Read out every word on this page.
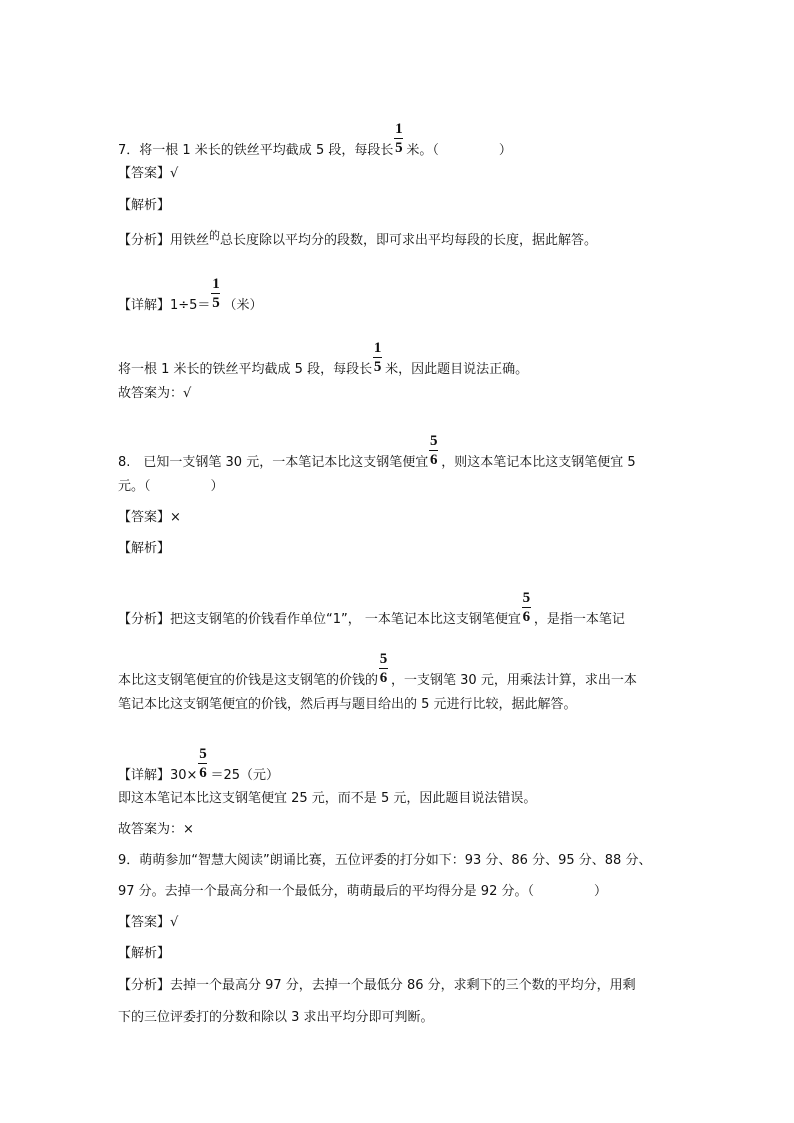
7．将一根 1 米长的铁丝平均截成 5 段，每段长 $\frac{1}{5}$ 米。（	）
【答案】√
【解析】
【分析】用铁丝$^的$总长度除以平均分的段数，即可求出平均每段的长度，据此解答。
【详解】$1\div 5= \frac{1}{5}$ （米）
将一根 1 米长的铁丝平均截成 5 段，每段长 $\frac{1}{5}$ 米，因此题目说法正确。
故答案为：√
8.　已知一支钢笔 30 元，一本笔记本比这支钢笔便宜 $\frac{5}{6}$ ，则这本笔记本比这支钢笔便宜 5
元。（	）
【答案】×
【解析】
【分析】把这支钢笔的价钱看作单位“1”， 一本笔记本比这支钢笔便宜 $\frac{5}{6}$ ，是指一本笔记
本比这支钢笔便宜的价钱是这支钢笔的价钱的 $\frac{5}{6}$ ，一支钢笔 30 元，用乘法计算，求出一本
笔记本比这支钢笔便宜的价钱，然后再与题目给出的 5 元进行比较，据此解答。
【详解】$30\times \frac{5}{6} =25$（元）
即这本笔记本比这支钢笔便宜 25 元，而不是 5 元，因此题目说法错误。
故答案为：×
9．萌萌参加“智慧大阅读”朗诵比赛，五位评委的打分如下：93 分、86 分、95 分、88 分、
97 分。去掉一个最高分和一个最低分，萌萌最后的平均得分是 92 分。（	）
【答案】√
【解析】
【分析】去掉一个最高分 97 分，去掉一个最低分 86 分，求剩下的三个数的平均分，用剩
下的三位评委打的分数和除以 3 求出平均分即可判断。
